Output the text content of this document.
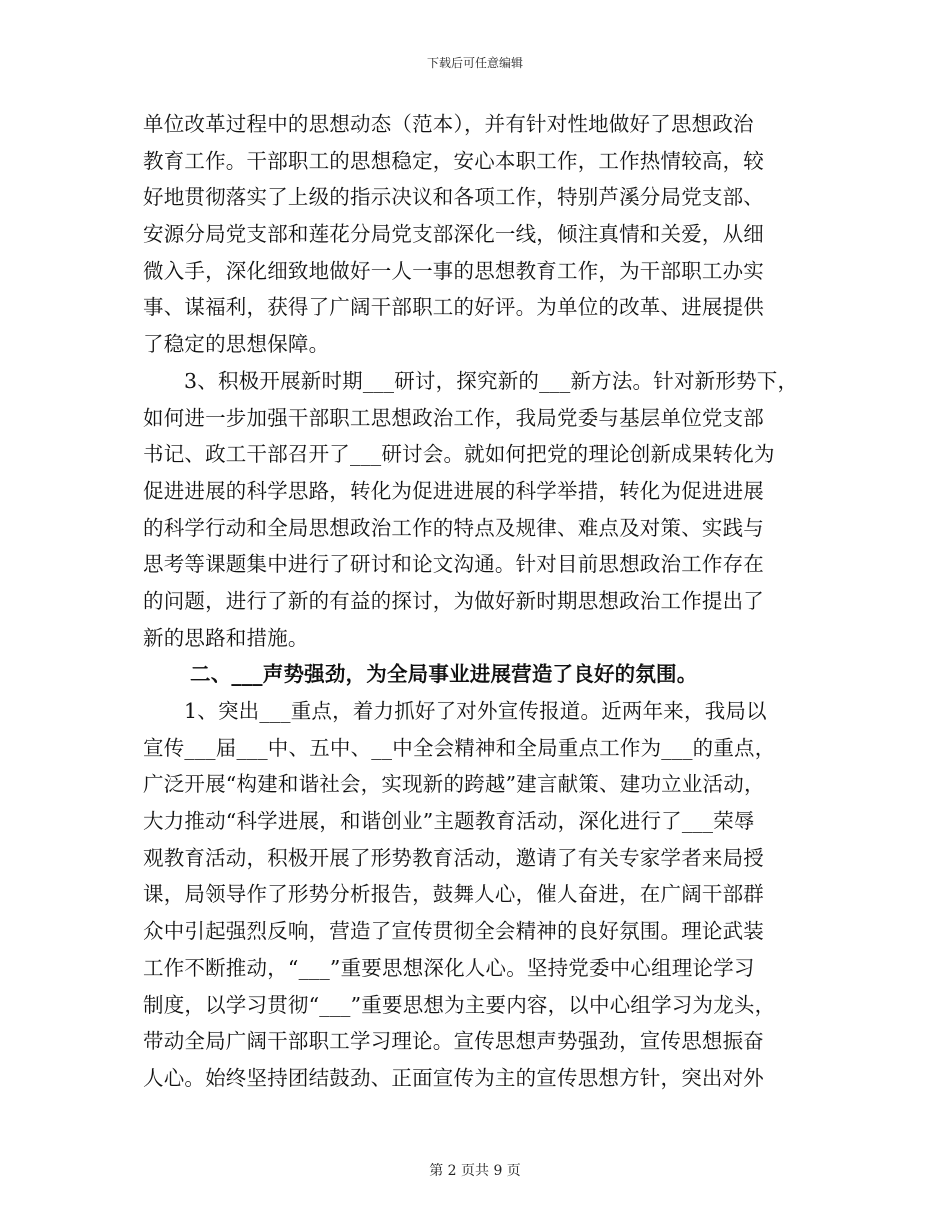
下载后可任意编辑
单位改革过程中的思想动态（范本），并有针对性地做好了思想政治
教育工作。干部职工的思想稳定，安心本职工作，工作热情较高，较
好地贯彻落实了上级的指示决议和各项工作，特别芦溪分局党支部、
安源分局党支部和莲花分局党支部深化一线，倾注真情和关爱，从细
微入手，深化细致地做好一人一事的思想教育工作，为干部职工办实
事、谋福利，获得了广阔干部职工的好评。为单位的改革、进展提供
了稳定的思想保障。
3、积极开展新时期___研讨，探究新的___新方法。针对新形势下，
如何进一步加强干部职工思想政治工作，我局党委与基层单位党支部
书记、政工干部召开了___研讨会。就如何把党的理论创新成果转化为
促进进展的科学思路，转化为促进进展的科学举措，转化为促进进展
的科学行动和全局思想政治工作的特点及规律、难点及对策、实践与
思考等课题集中进行了研讨和论文沟通。针对目前思想政治工作存在
的问题，进行了新的有益的探讨，为做好新时期思想政治工作提出了
新的思路和措施。
二、___声势强劲，为全局事业进展营造了良好的氛围。
1、突出___重点，着力抓好了对外宣传报道。近两年来，我局以
宣传___届___中、五中、__中全会精神和全局重点工作为___的重点，
广泛开展“构建和谐社会，实现新的跨越”建言献策、建功立业活动，
大力推动“科学进展，和谐创业”主题教育活动，深化进行了___荣辱
观教育活动，积极开展了形势教育活动，邀请了有关专家学者来局授
课，局领导作了形势分析报告，鼓舞人心，催人奋进，在广阔干部群
众中引起强烈反响，营造了宣传贯彻全会精神的良好氛围。理论武装
工作不断推动，“___”重要思想深化人心。坚持党委中心组理论学习
制度，以学习贯彻“___”重要思想为主要内容，以中心组学习为龙头，
带动全局广阔干部职工学习理论。宣传思想声势强劲，宣传思想振奋
人心。始终坚持团结鼓劲、正面宣传为主的宣传思想方针，突出对外
第 2 页共 9 页
